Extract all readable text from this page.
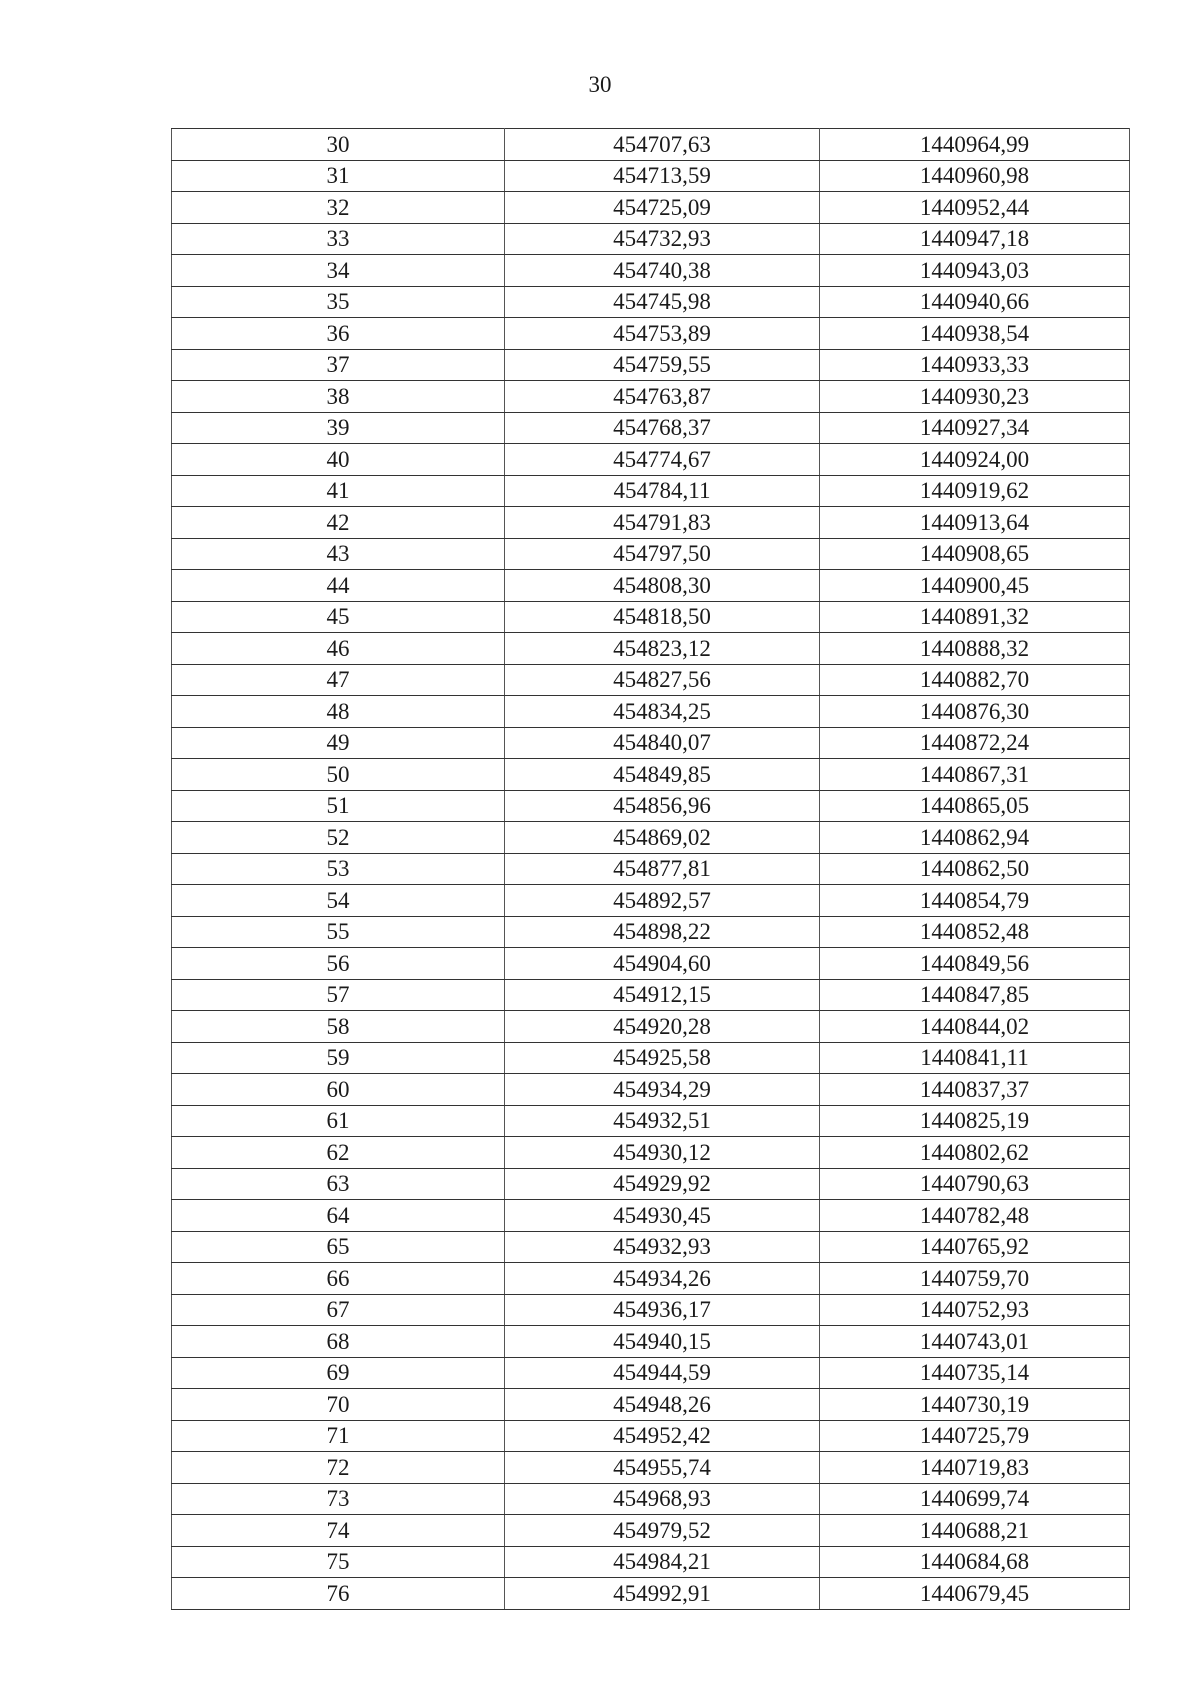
30
30	454707,63	1440964,99
31	454713,59	1440960,98
32	454725,09	1440952,44
33	454732,93	1440947,18
34	454740,38	1440943,03
35	454745,98	1440940,66
36	454753,89	1440938,54
37	454759,55	1440933,33
38	454763,87	1440930,23
39	454768,37	1440927,34
40	454774,67	1440924,00
41	454784,11	1440919,62
42	454791,83	1440913,64
43	454797,50	1440908,65
44	454808,30	1440900,45
45	454818,50	1440891,32
46	454823,12	1440888,32
47	454827,56	1440882,70
48	454834,25	1440876,30
49	454840,07	1440872,24
50	454849,85	1440867,31
51	454856,96	1440865,05
52	454869,02	1440862,94
53	454877,81	1440862,50
54	454892,57	1440854,79
55	454898,22	1440852,48
56	454904,60	1440849,56
57	454912,15	1440847,85
58	454920,28	1440844,02
59	454925,58	1440841,11
60	454934,29	1440837,37
61	454932,51	1440825,19
62	454930,12	1440802,62
63	454929,92	1440790,63
64	454930,45	1440782,48
65	454932,93	1440765,92
66	454934,26	1440759,70
67	454936,17	1440752,93
68	454940,15	1440743,01
69	454944,59	1440735,14
70	454948,26	1440730,19
71	454952,42	1440725,79
72	454955,74	1440719,83
73	454968,93	1440699,74
74	454979,52	1440688,21
75	454984,21	1440684,68
76	454992,91	1440679,45
